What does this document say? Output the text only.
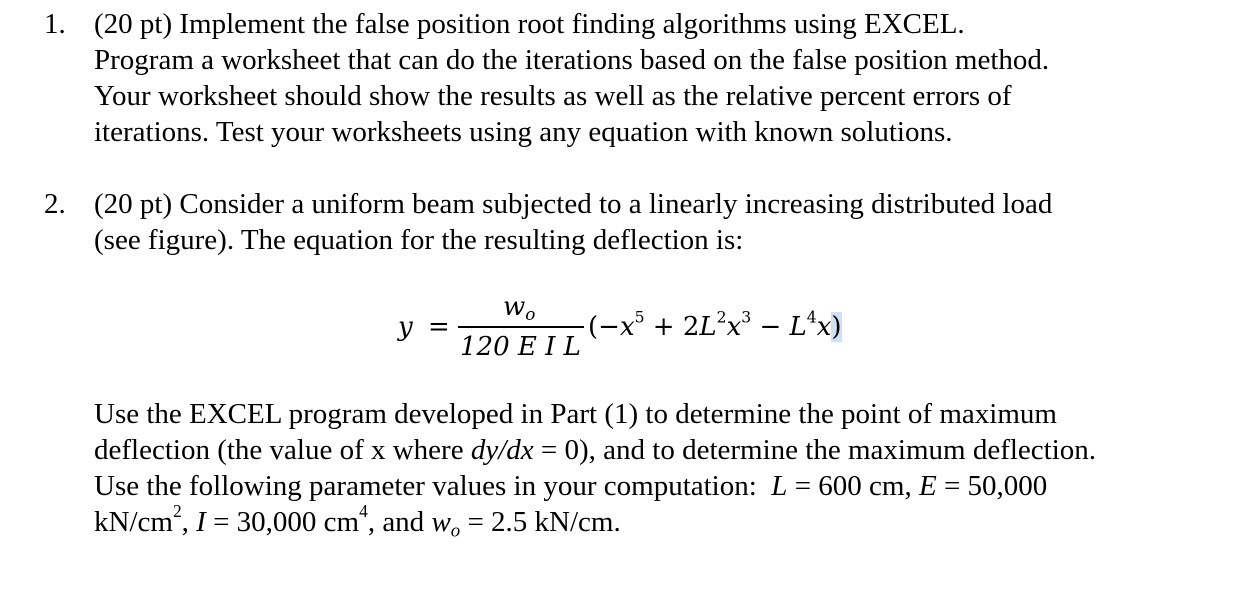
1. (20 pt) Implement the false position root finding algorithms using EXCEL.
Program a worksheet that can do the iterations based on the false position method.
Your worksheet should show the results as well as the relative percent errors of
iterations. Test your worksheets using any equation with known solutions.
2. (20 pt) Consider a uniform beam subjected to a linearly increasing distributed load
(see figure). The equation for the resulting deflection is:
y =
$w_o$
120 E I L
$(-x^5 + 2L^2x^3 - L^4x)$
Use the EXCEL program developed in Part (1) to determine the point of maximum
deflection (the value of x where dy/dx = 0), and to determine the maximum deflection.
Use the following parameter values in your computation: L = 600 cm, E = 50,000
$kN/cm^2$, I = 30,000 $cm^4$, and $w_o = 2.5$ kN/cm.
